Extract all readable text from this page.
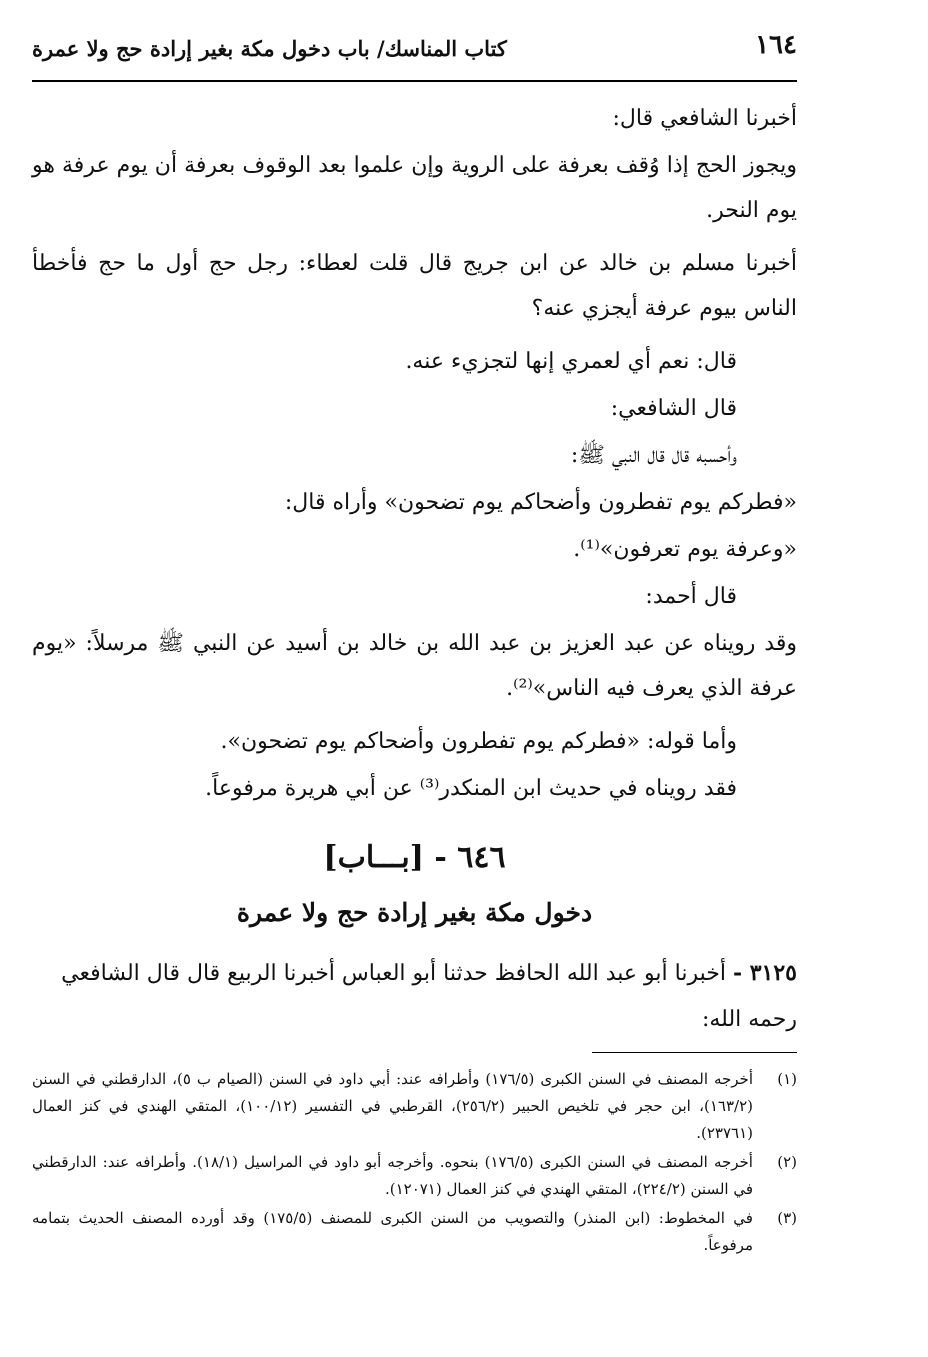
١٦٤
كتاب المناسك/ باب دخول مكة بغير إرادة حج ولا عمرة

أخبرنا الشافعي قال:

ويجوز الحج إذا وُقف بعرفة على الروية وإن علموا بعد الوقوف بعرفة أن يوم عرفة هو يوم النحر.

أخبرنا مسلم بن خالد عن ابن جريج قال قلت لعطاء: رجل حج أول ما حج فأخطأ الناس بيوم عرفة أيجزي عنه؟

قال: نعم أي لعمري إنها لتجزيء عنه.

قال الشافعي:

وأحسبه قال قال النبي ﷺ:

«فطركم يوم تفطرون وأضحاكم يوم تضحون» وأراه قال:

«وعرفة يوم تعرفون»⁽¹⁾.

قال أحمد:

وقد رويناه عن عبد العزيز بن عبد الله بن خالد بن أسيد عن النبي ﷺ مرسلاً: «يوم عرفة الذي يعرف فيه الناس»⁽²⁾.

وأما قوله: «فطركم يوم تفطرون وأضحاكم يوم تضحون».

فقد رويناه في حديث ابن المنكدر⁽³⁾ عن أبي هريرة مرفوعاً.

٦٤٦ - [بـــاب]
دخول مكة بغير إرادة حج ولا عمرة
٣١٢٥ - أخبرنا أبو عبد الله الحافظ حدثنا أبو العباس أخبرنا الربيع قال قال الشافعي رحمه الله:
(١)
أخرجه المصنف في السنن الكبرى (١٧٦/٥) وأطرافه عند: أبي داود في السنن (الصيام ب ٥)، الدارقطني في السنن (١٦٣/٢)، ابن حجر في تلخيص الحبير (٢٥٦/٢)، القرطبي في التفسير (١٠٠/١٢)، المتقي الهندي في كنز العمال (٢٣٧٦١).
(٢)
أخرجه المصنف في السنن الكبرى (١٧٦/٥) بنحوه. وأخرجه أبو داود في المراسيل (١٨/١). وأطرافه عند: الدارقطني في السنن (٢٢٤/٢)، المتقي الهندي في كنز العمال (١٢٠٧١).
(٣)
في المخطوط: (ابن المنذر) والتصويب من السنن الكبرى للمصنف (١٧٥/٥) وقد أورده المصنف الحديث بتمامه مرفوعاً.
